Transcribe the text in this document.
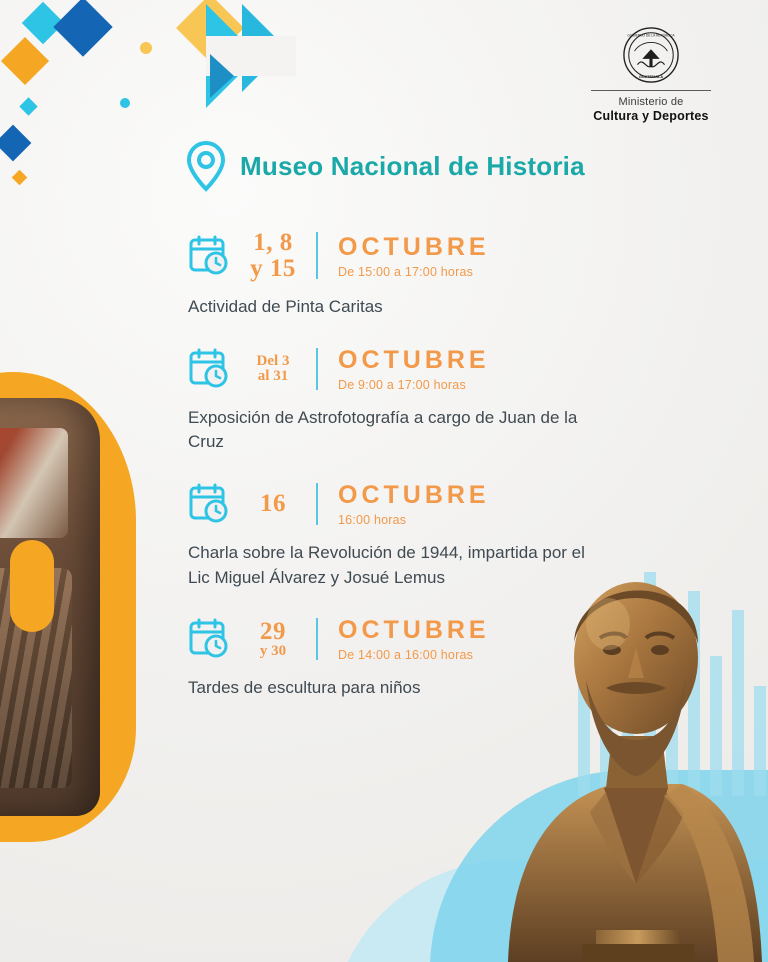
GOBIERNO DE LA REPÚBLICA
GUATEMALA
Ministerio de
Cultura y Deportes
Museo Nacional de Historia
1, 8
y 15
OCTUBRE
De 15:00 a 17:00 horas
Actividad de Pinta Caritas
Del 3
al 31
OCTUBRE
De 9:00 a 17:00 horas
Exposición de Astrofotografía a cargo de Juan de la Cruz
16	OCTUBRE
16:00 horas
Charla sobre la Revolución de 1944, impartida por el Lic Miguel Álvarez y Josué Lemus
29
y 30
OCTUBRE
De 14:00 a 16:00 horas
Tardes de escultura para niños
